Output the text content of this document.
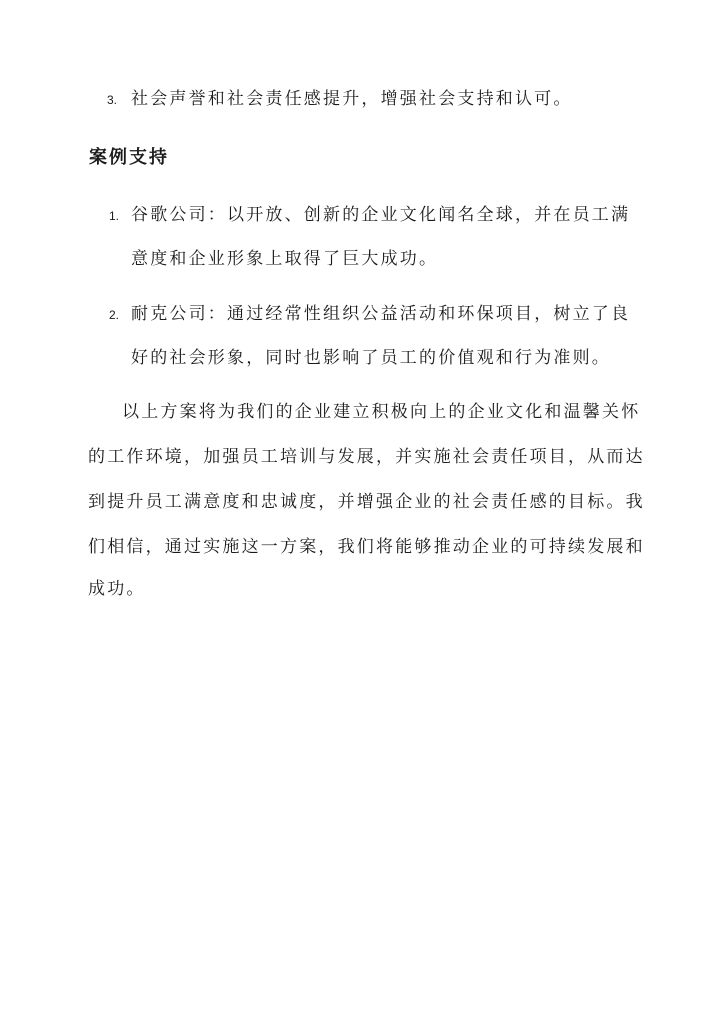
3. 社会声誉和社会责任感提升，增强社会支持和认可。
案例支持
1. 谷歌公司：以开放、创新的企业文化闻名全球，并在员工满
意度和企业形象上取得了巨大成功。
2. 耐克公司：通过经常性组织公益活动和环保项目，树立了良
好的社会形象，同时也影响了员工的价值观和行为准则。
以上方案将为我们的企业建立积极向上的企业文化和温馨关怀
的工作环境，加强员工培训与发展，并实施社会责任项目，从而达
到提升员工满意度和忠诚度，并增强企业的社会责任感的目标。我
们相信，通过实施这一方案，我们将能够推动企业的可持续发展和
成功。
